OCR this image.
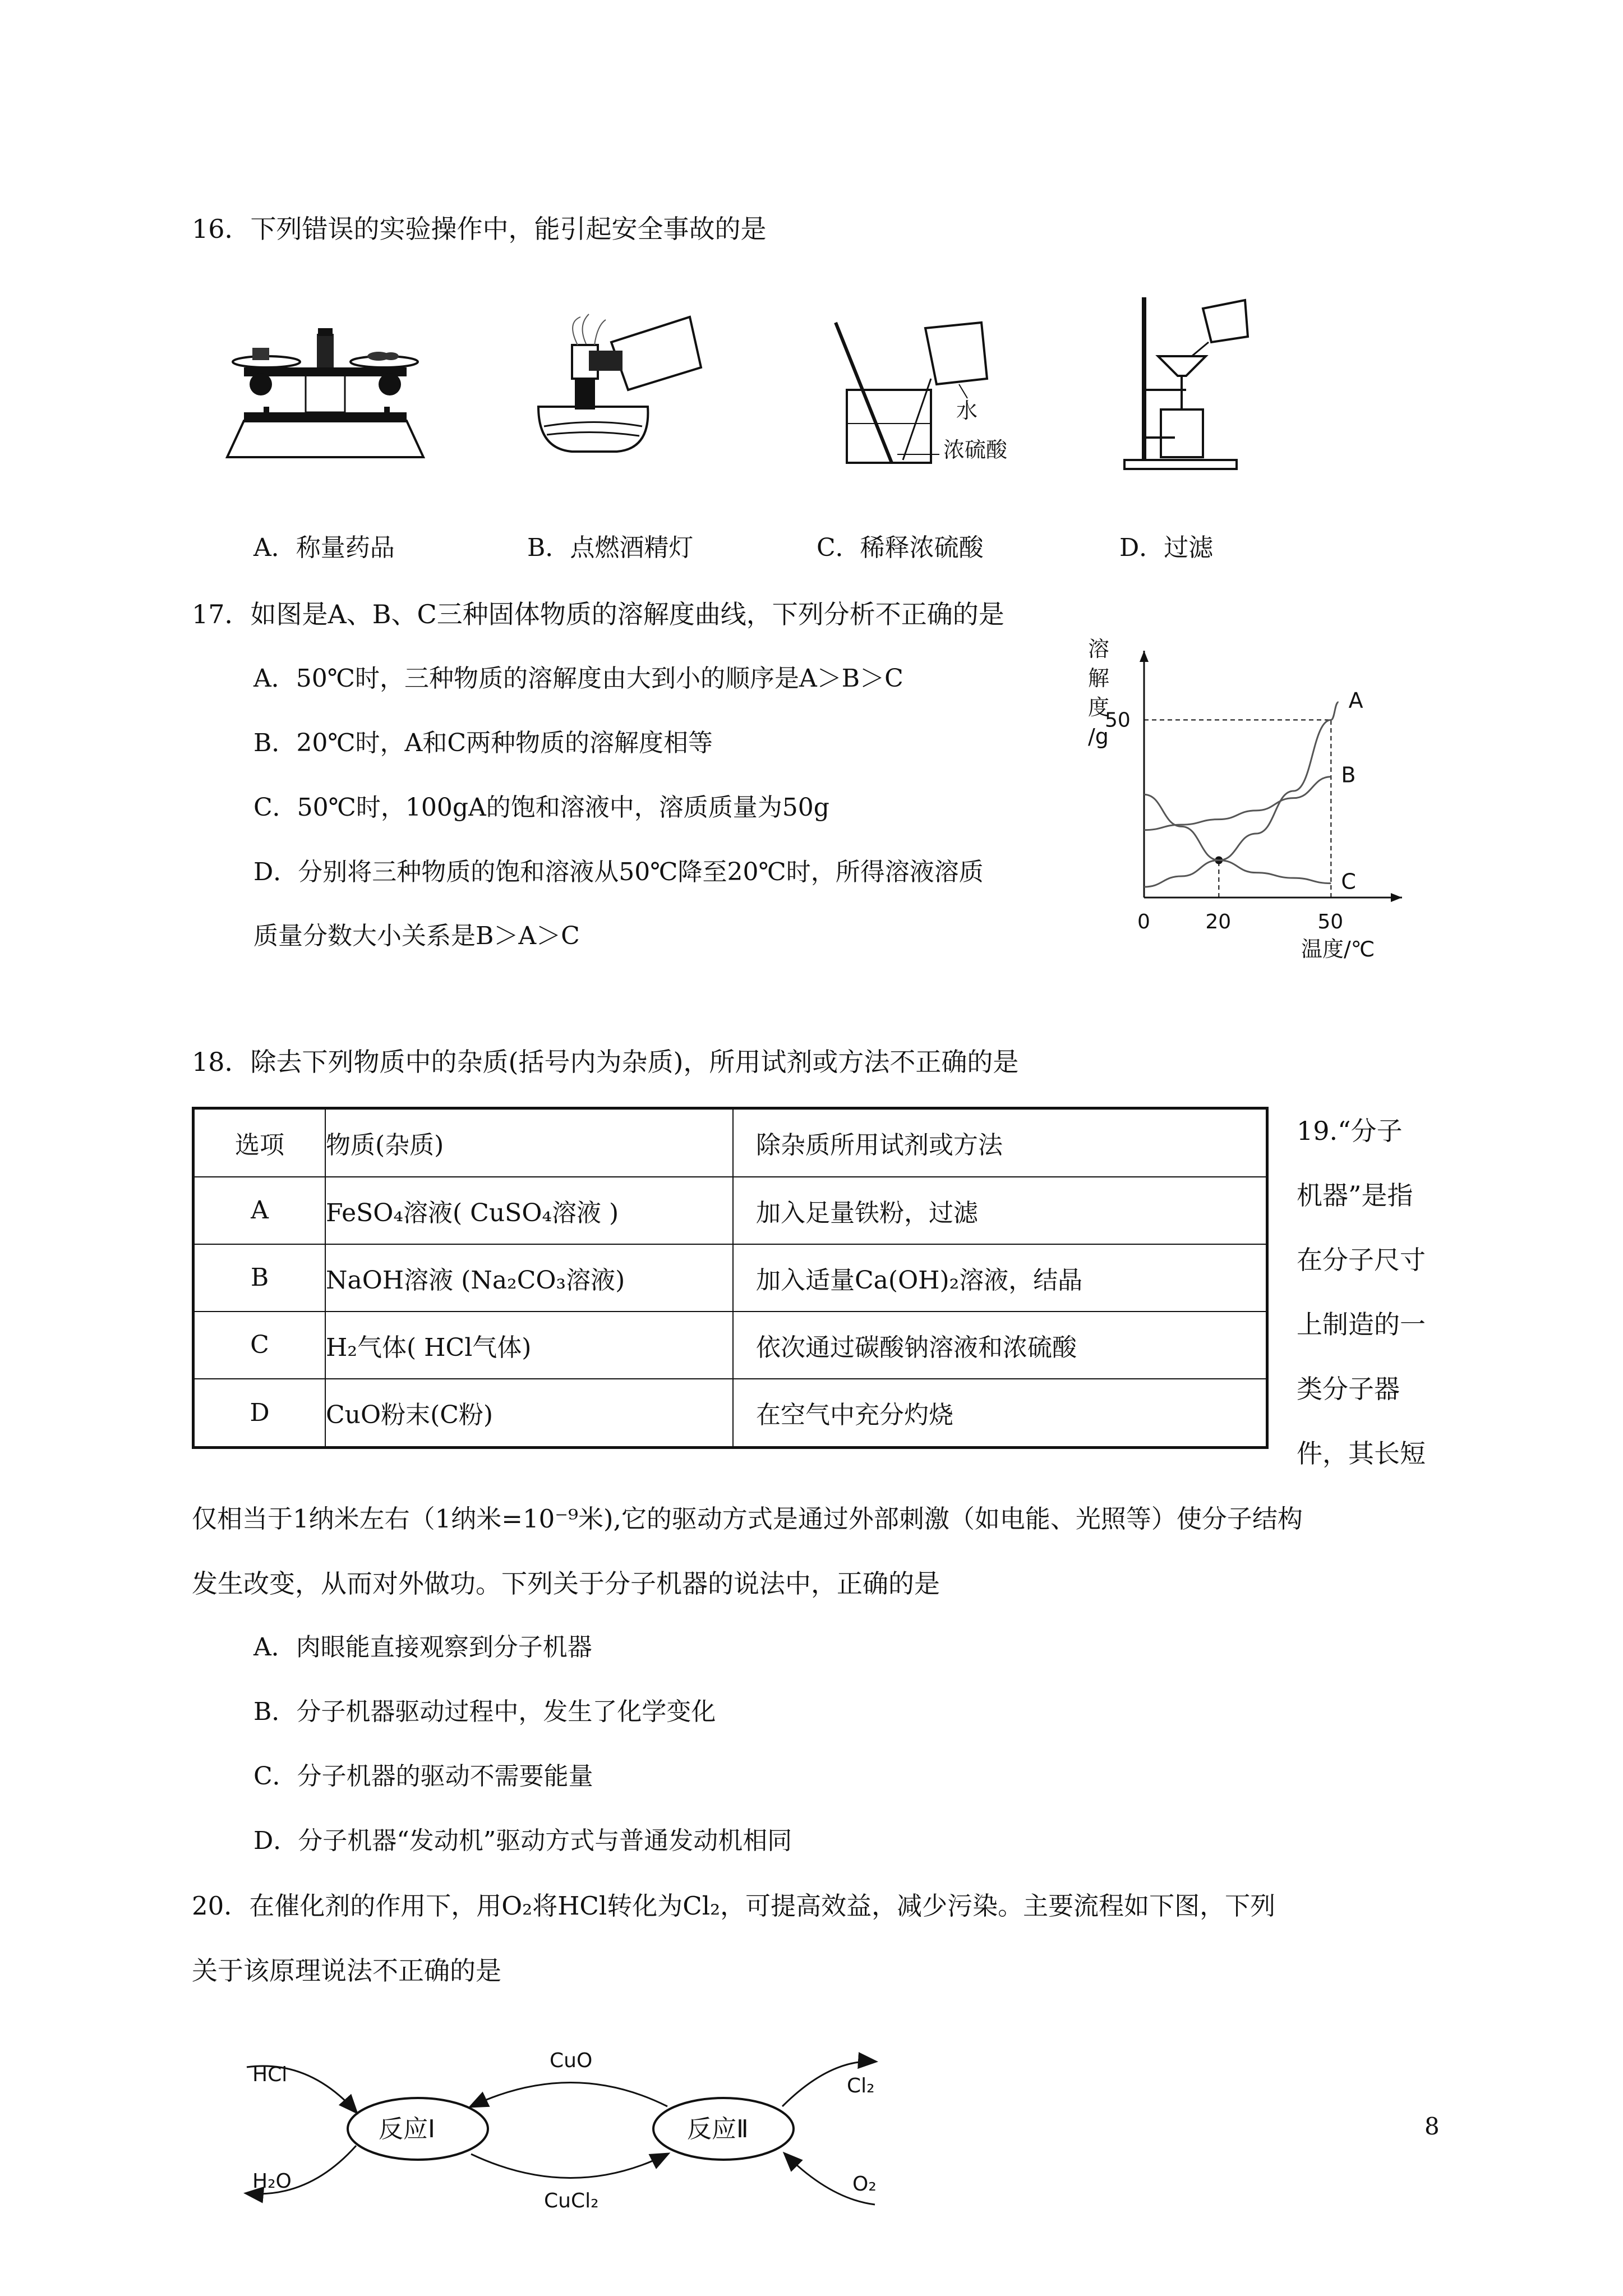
16．下列错误的实验操作中，能引起安全事故的是
水
浓硫酸
A．称量药品	B．点燃酒精灯	C．稀释浓硫酸	D．过滤
17．如图是A、B、C三种固体物质的溶解度曲线，下列分析不正确的是
A．50℃时，三种物质的溶解度由大到小的顺序是A＞B＞C
B．20℃时，A和C两种物质的溶解度相等
C．50℃时，100gA的饱和溶液中，溶质质量为50g
D．分别将三种物质的饱和溶液从50℃降至20℃时，所得溶液溶质
质量分数大小关系是B＞A＞C
溶
解
度
/g
温度/℃
0	20	50
50
A
B
C
18．除去下列物质中的杂质(括号内为杂质)，所用试剂或方法不正确的是
选项	物质(杂质)	除杂质所用试剂或方法
A	FeSO₄溶液( CuSO₄溶液 )	加入足量铁粉，过滤
B	NaOH溶液 (Na₂CO₃溶液)	加入适量Ca(OH)₂溶液，结晶
C	H₂气体( HCl气体)	依次通过碳酸钠溶液和浓硫酸
D	CuO粉末(C粉)	在空气中充分灼烧
19.“分子
机器”是指
在分子尺寸
上制造的一
类分子器
件，其长短
仅相当于1纳米左右（1纳米=10⁻⁹米),它的驱动方式是通过外部刺激（如电能、光照等）使分子结构
发生改变，从而对外做功。下列关于分子机器的说法中，正确的是
A．肉眼能直接观察到分子机器
B．分子机器驱动过程中，发生了化学变化
C．分子机器的驱动不需要能量
D．分子机器“发动机”驱动方式与普通发动机相同
20．在催化剂的作用下，用O₂将HCl转化为Cl₂，可提高效益，减少污染。主要流程如下图，下列
关于该原理说法不正确的是
反应Ⅰ	反应Ⅱ
HCl
H₂O
CuO
CuCl₂
Cl₂
O₂
8
